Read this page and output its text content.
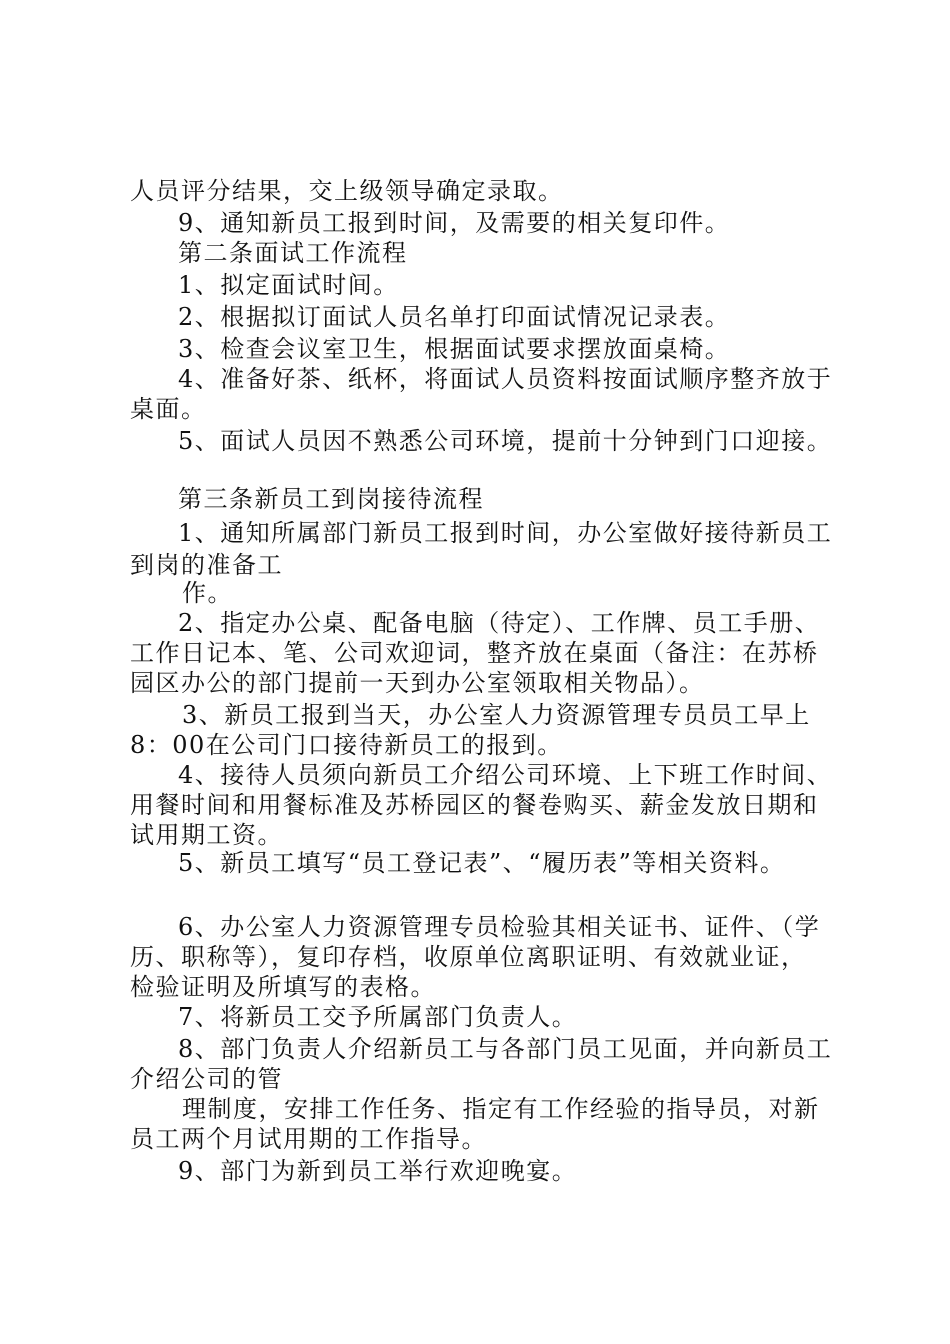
人员评分结果，交上级领导确定录取。
9、通知新员工报到时间，及需要的相关复印件。
第二条面试工作流程
1、拟定面试时间。
2、根据拟订面试人员名单打印面试情况记录表。
3、检查会议室卫生，根据面试要求摆放面桌椅。
4、准备好茶、纸杯，将面试人员资料按面试顺序整齐放于
桌面。
5、面试人员因不熟悉公司环境，提前十分钟到门口迎接。
第三条新员工到岗接待流程
1、通知所属部门新员工报到时间，办公室做好接待新员工
到岗的准备工
作。
2、指定办公桌、配备电脑（待定）、工作牌、员工手册、
工作日记本、笔、公司欢迎词，整齐放在桌面（备注：在苏桥
园区办公的部门提前一天到办公室领取相关物品）。
3、新员工报到当天，办公室人力资源管理专员员工早上
8：00在公司门口接待新员工的报到。
4、接待人员须向新员工介绍公司环境、上下班工作时间、
用餐时间和用餐标准及苏桥园区的餐卷购买、薪金发放日期和
试用期工资。
5、新员工填写“员工登记表”、“履历表”等相关资料。
6、办公室人力资源管理专员检验其相关证书、证件、（学
历、职称等），复印存档，收原单位离职证明、有效就业证，
检验证明及所填写的表格。
7、将新员工交予所属部门负责人。
8、部门负责人介绍新员工与各部门员工见面，并向新员工
介绍公司的管
理制度，安排工作任务、指定有工作经验的指导员，对新
员工两个月试用期的工作指导。
9、部门为新到员工举行欢迎晚宴。
